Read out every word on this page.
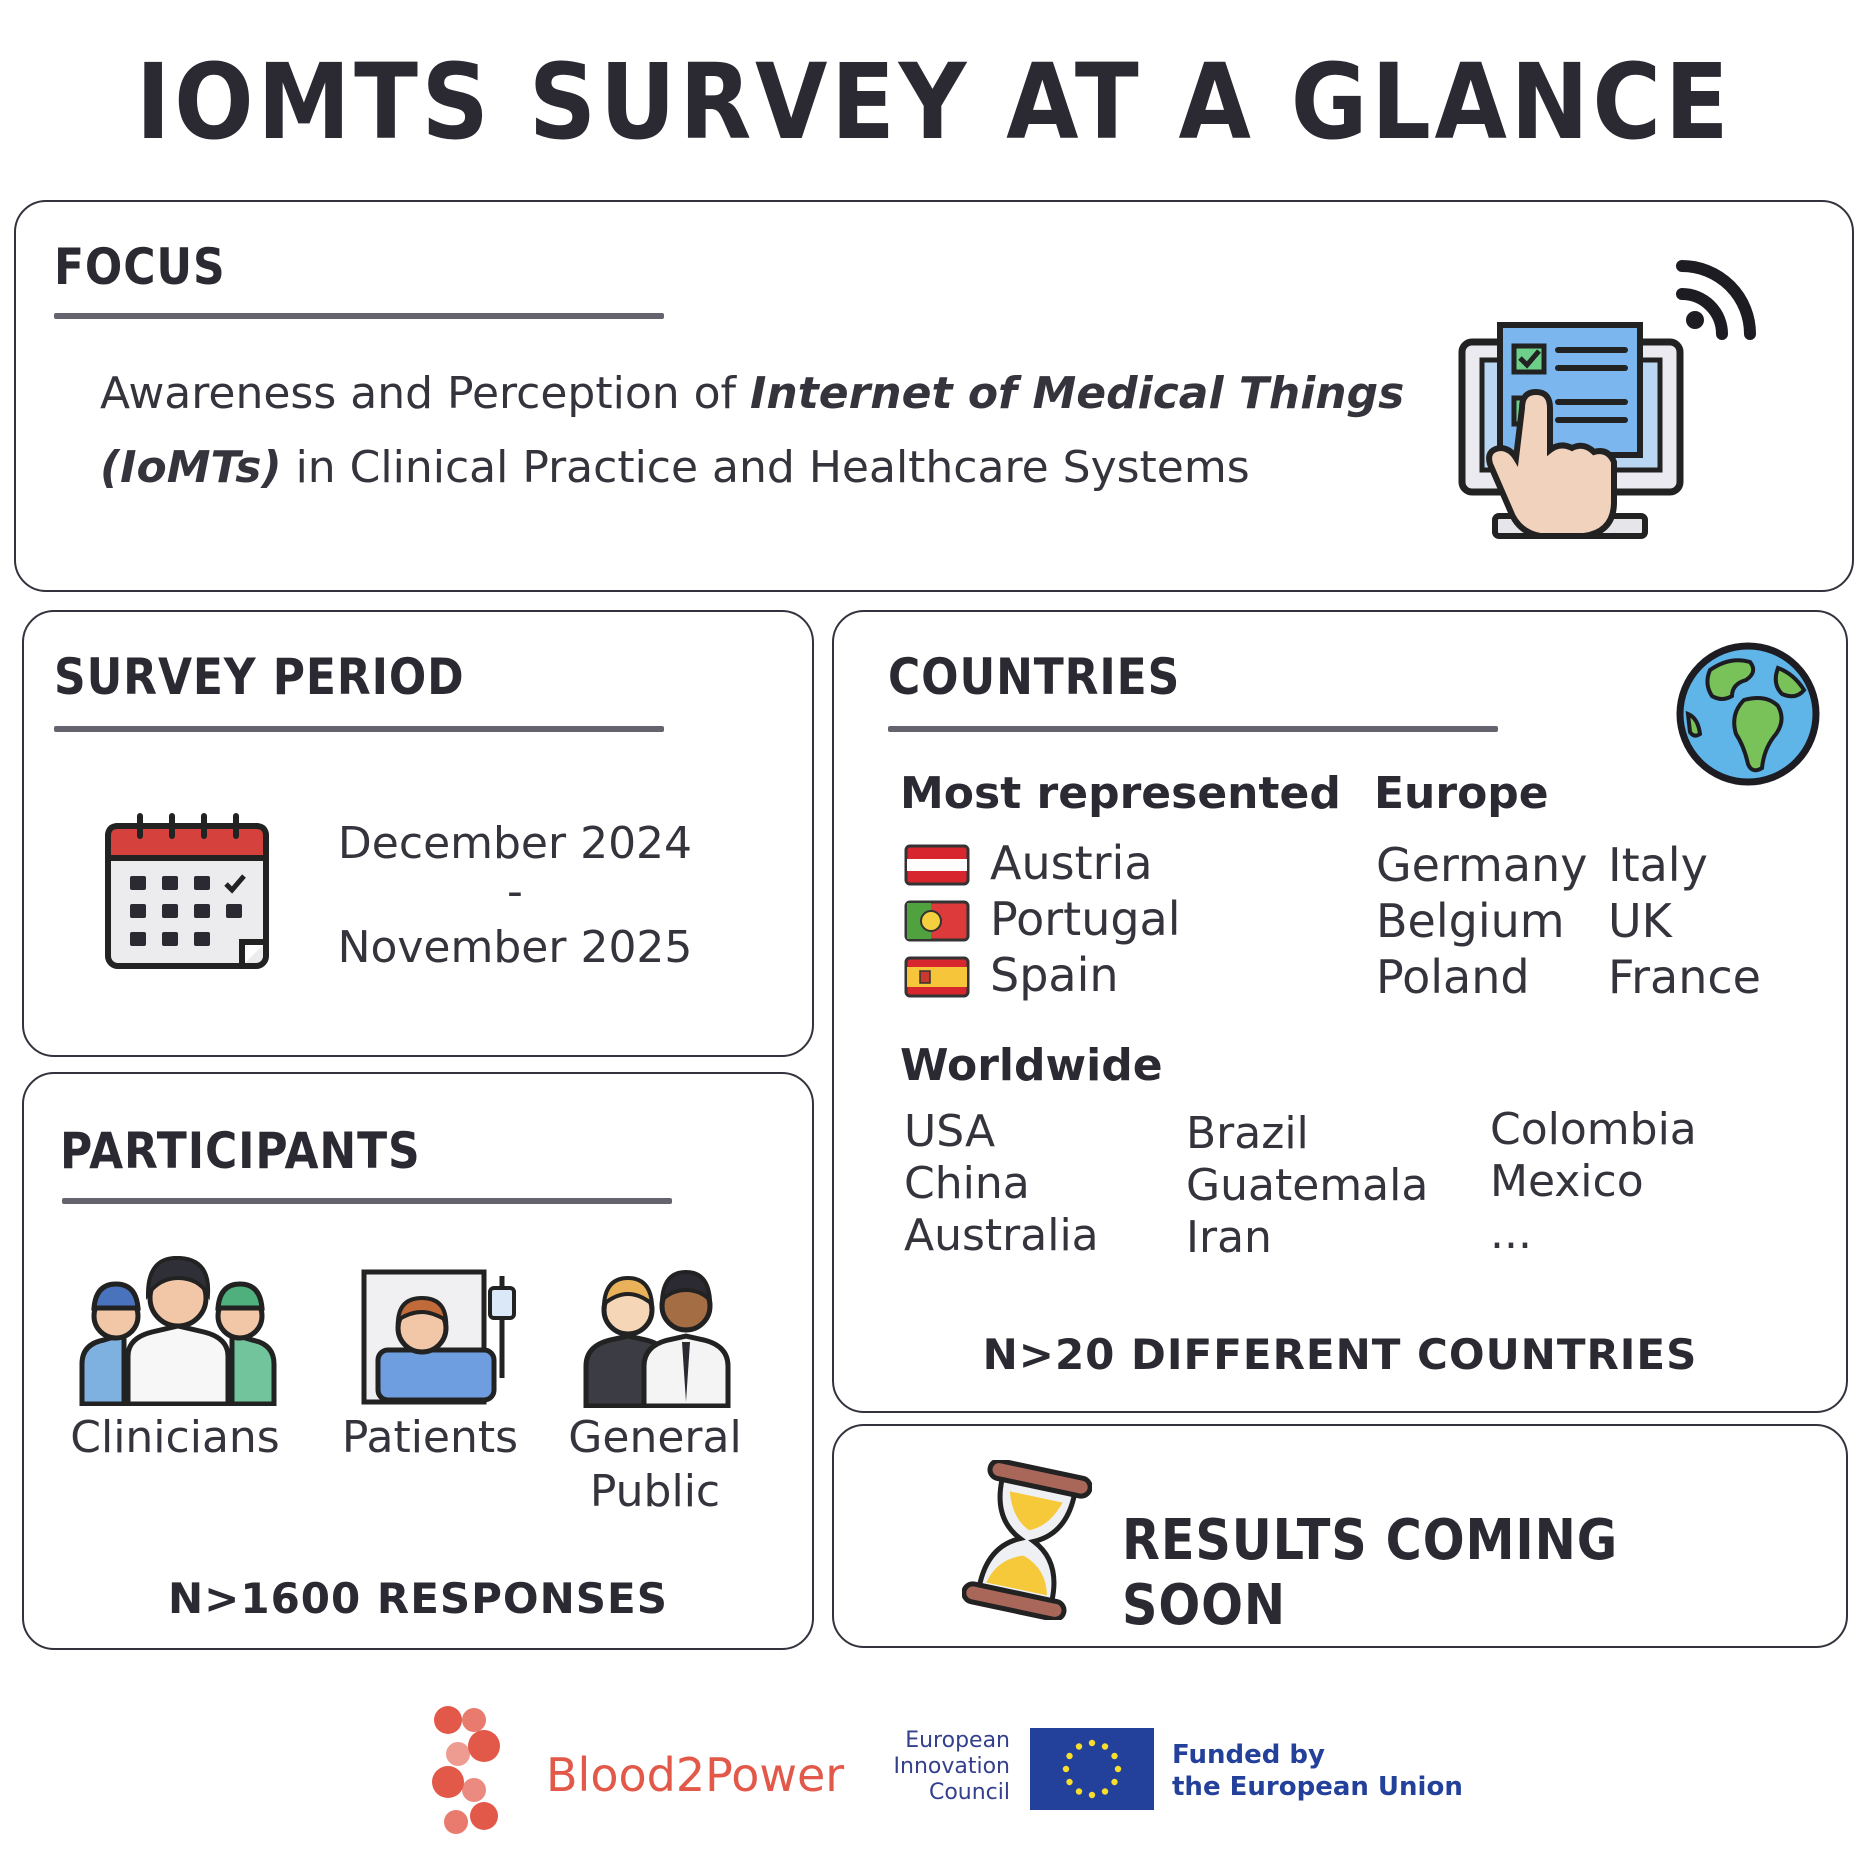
IOMTS SURVEY AT A GLANCE
FOCUS
Awareness and Perception of Internet of Medical Things
(IoMTs) in Clinical Practice and Healthcare Systems
SURVEY PERIOD
December 2024
-
November 2025
PARTICIPANTS
Clinicians Patients General
Public
N>1600 RESPONSES
COUNTRIES
Most represented Europe
Austria
Portugal
Spain
Germany
Belgium
Poland
Italy
UK
France
Worldwide
USA
China
Australia
Brazil
Guatemala
Iran
Colombia
Mexico
...
N>20 DIFFERENT COUNTRIES
RESULTS COMING SOON
Blood2Power
European
Innovation
Council
Funded by
the European Union
